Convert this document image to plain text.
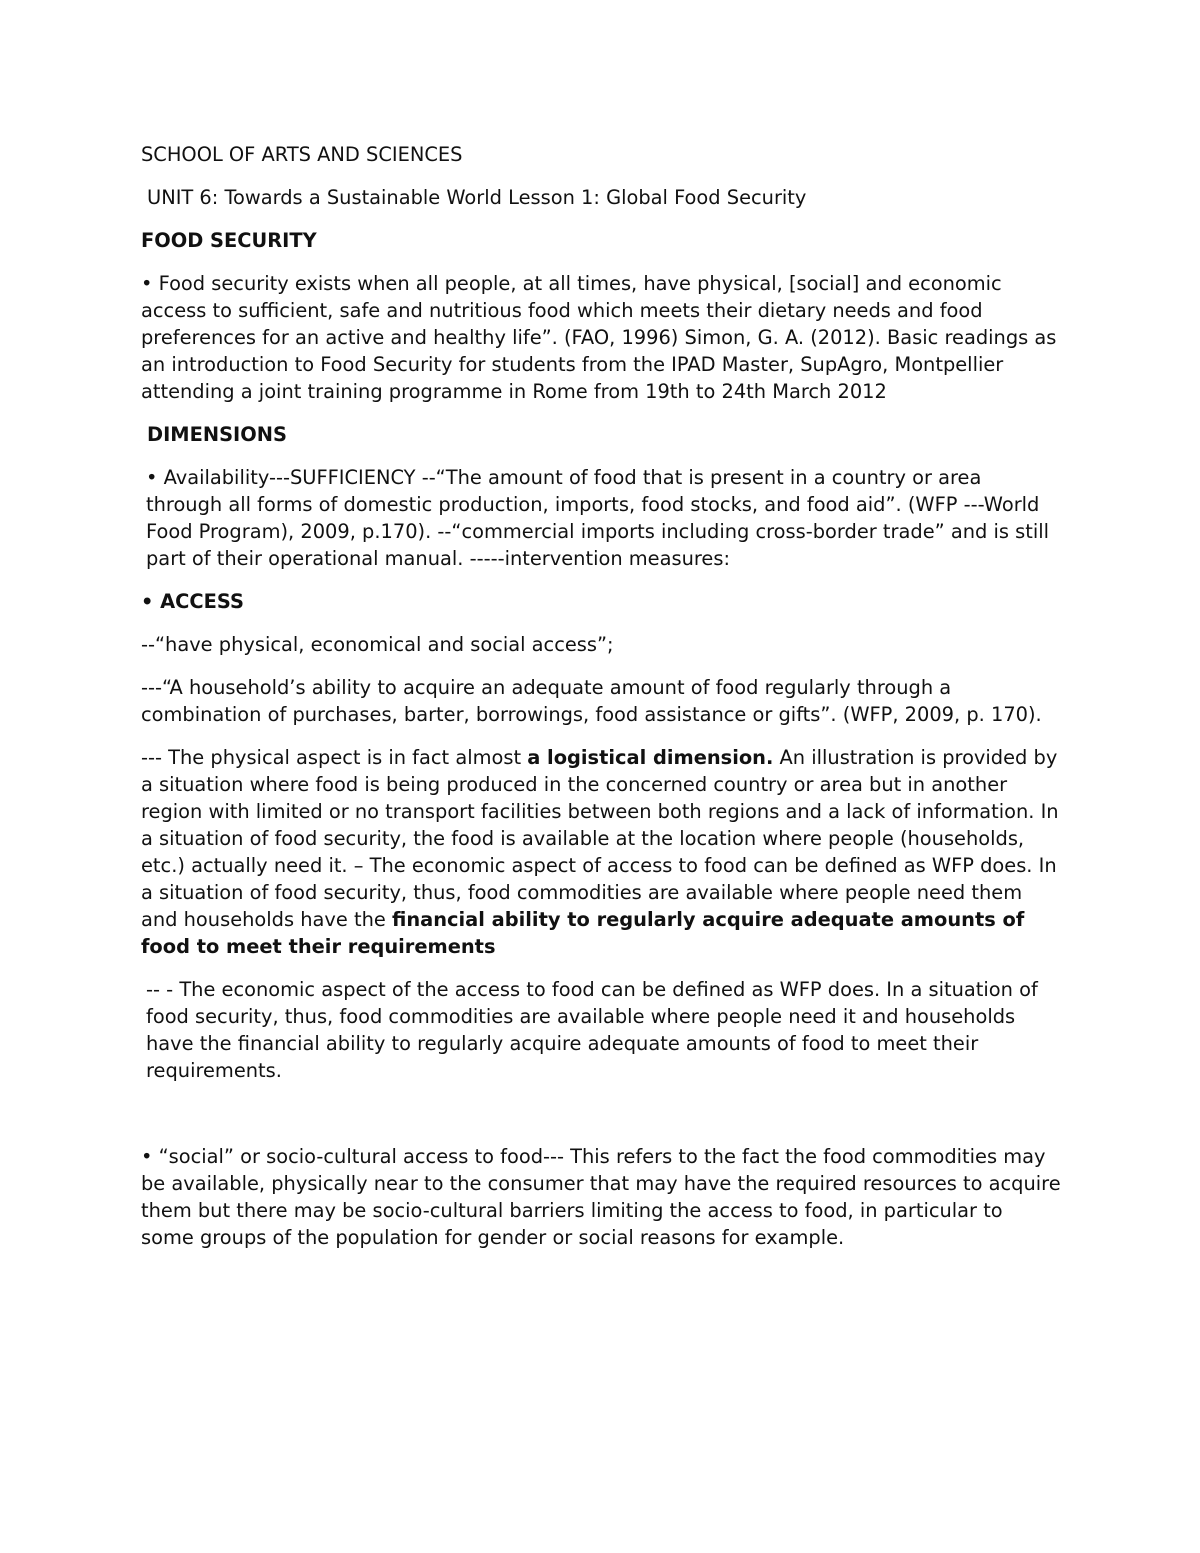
SCHOOL OF ARTS AND SCIENCES

UNIT 6: Towards a Sustainable World Lesson 1: Global Food Security

FOOD SECURITY

• Food security exists when all people, at all times, have physical, [social] and economic access to sufficient, safe and nutritious food which meets their dietary needs and food preferences for an active and healthy life”. (FAO, 1996) Simon, G. A. (2012). Basic readings as an introduction to Food Security for students from the IPAD Master, SupAgro, Montpellier attending a joint training programme in Rome from 19th to 24th March 2012

DIMENSIONS

• Availability---SUFFICIENCY --“The amount of food that is present in a country or area through all forms of domestic production, imports, food stocks, and food aid”. (WFP ---World Food Program), 2009, p.170). --“commercial imports including cross-border trade” and is still part of their operational manual. -----intervention measures:

• ACCESS

--“have physical, economical and social access”;

---“A household’s ability to acquire an adequate amount of food regularly through a combination of purchases, barter, borrowings, food assistance or gifts”. (WFP, 2009, p. 170).

--- The physical aspect is in fact almost a logistical dimension. An illustration is provided by a situation where food is being produced in the concerned country or area but in another region with limited or no transport facilities between both regions and a lack of information. In a situation of food security, the food is available at the location where people (households, etc.) actually need it. – The economic aspect of access to food can be defined as WFP does. In a situation of food security, thus, food commodities are available where people need them and households have the financial ability to regularly acquire adequate amounts of food to meet their requirements

-- - The economic aspect of the access to food can be defined as WFP does. In a situation of food security, thus, food commodities are available where people need it and households have the financial ability to regularly acquire adequate amounts of food to meet their requirements.

• “social” or socio-cultural access to food--- This refers to the fact the food commodities may be available, physically near to the consumer that may have the required resources to acquire them but there may be socio-cultural barriers limiting the access to food, in particular to some groups of the population for gender or social reasons for example.
